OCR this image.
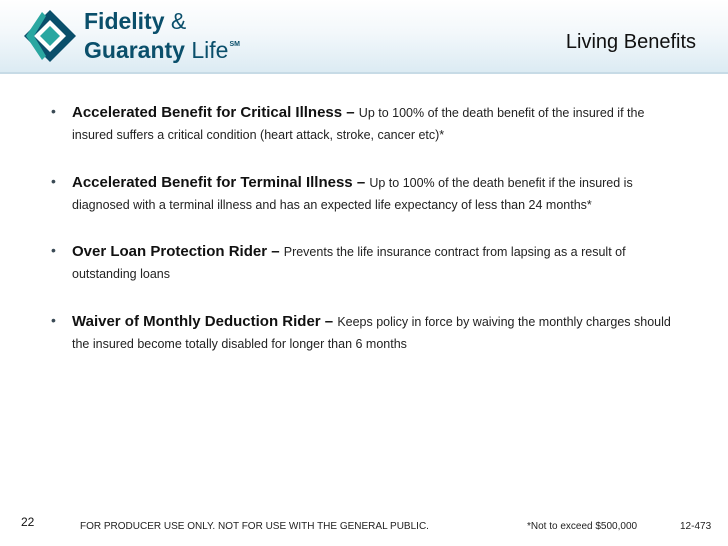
Fidelity &
Guaranty Life℠	Living Benefits
• Accelerated Benefit for Critical Illness – Up to 100% of the death benefit of the insured if the insured suffers a critical condition (heart attack, stroke, cancer etc)*

• Accelerated Benefit for Terminal Illness – Up to 100% of the death benefit if the insured is diagnosed with a terminal illness and has an expected life expectancy of less than 24 months*

• Over Loan Protection Rider – Prevents the life insurance contract from lapsing as a result of outstanding loans

• Waiver of Monthly Deduction Rider – Keeps policy in force by waiving the monthly charges should the insured become totally disabled for longer than 6 months

22	FOR PRODUCER USE ONLY. NOT FOR USE WITH THE GENERAL PUBLIC.	*Not to exceed $500,000	12-473
